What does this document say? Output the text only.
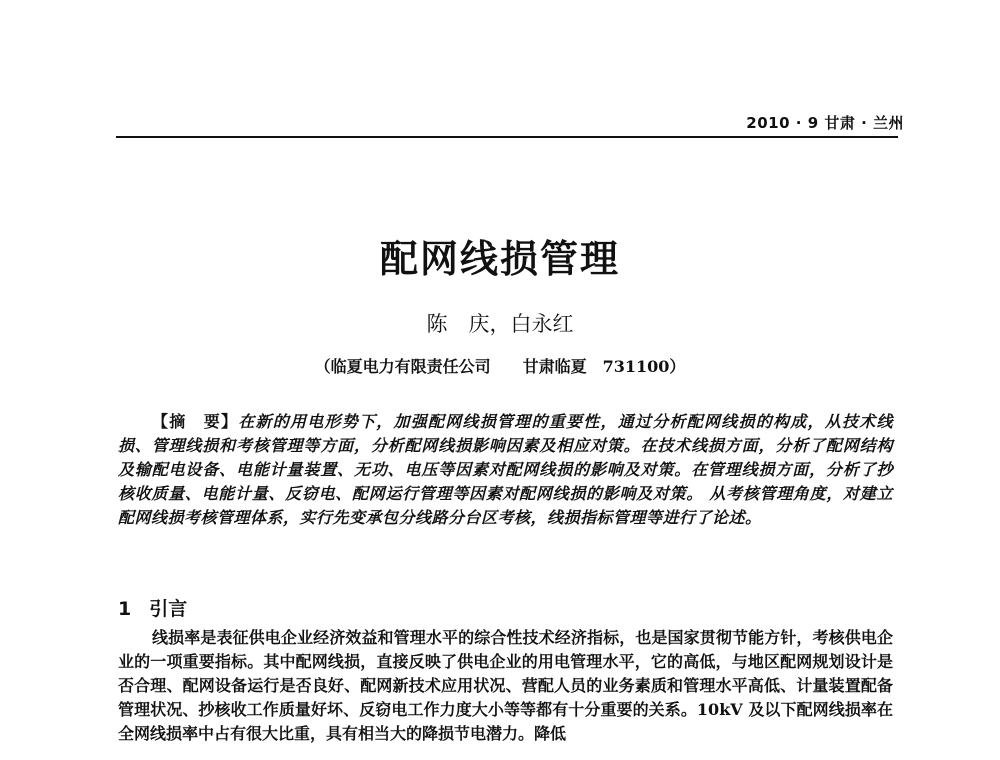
2010 · 9 甘肃 · 兰州
配网线损管理
陈　庆，白永红
（临夏电力有限责任公司　　甘肃临夏　731100）

【摘　要】在新的用电形势下，加强配网线损管理的重要性，通过分析配网线损的构成，从技术线损、管理线损和考核管理等方面，分析配网线损影响因素及相应对策。在技术线损方面，分析了配网结构及输配电设备、电能计量装置、无功、电压等因素对配网线损的影响及对策。在管理线损方面，分析了抄核收质量、电能计量、反窃电、配网运行管理等因素对配网线损的影响及对策。 从考核管理角度，对建立配网线损考核管理体系，实行先变承包分线路分台区考核，线损指标管理等进行了论述。

1 引言

线损率是表征供电企业经济效益和管理水平的综合性技术经济指标，也是国家贯彻节能方针，考核供电企业的一项重要指标。其中配网线损，直接反映了供电企业的用电管理水平，它的高低，与地区配网规划设计是否合理、配网设备运行是否良好、配网新技术应用状况、营配人员的业务素质和管理水平高低、计量装置配备管理状况、抄核收工作质量好坏、反窃电工作力度大小等等都有十分重要的关系。10kV 及以下配网线损率在全网线损率中占有很大比重，具有相当大的降损节电潜力。降低
